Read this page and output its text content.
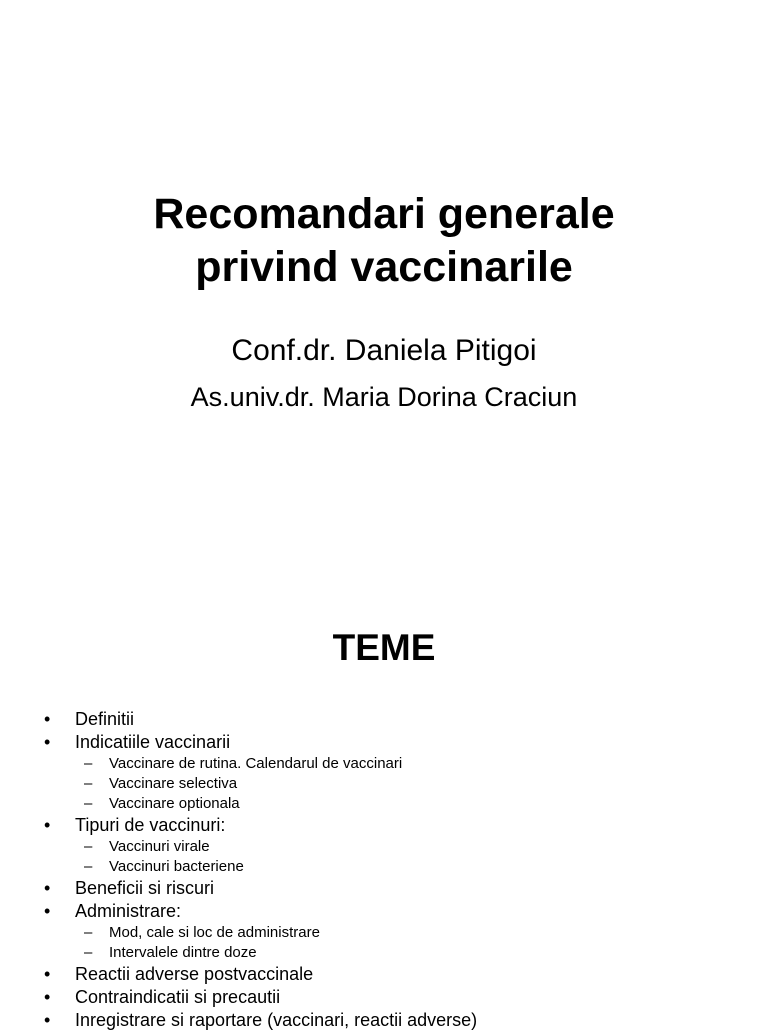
Recomandari generale
privind vaccinarile
Conf.dr. Daniela Pitigoi
As.univ.dr. Maria Dorina Craciun
TEME
• Definitii
• Indicatiile vaccinarii
– Vaccinare de rutina. Calendarul de vaccinari
– Vaccinare selectiva
– Vaccinare optionala
• Tipuri de vaccinuri:
– Vaccinuri virale
– Vaccinuri bacteriene
• Beneficii si riscuri
• Administrare:
– Mod, cale si loc de administrare
– Intervalele dintre doze
• Reactii adverse postvaccinale
• Contraindicatii si precautii
• Inregistrare si raportare (vaccinari, reactii adverse)
